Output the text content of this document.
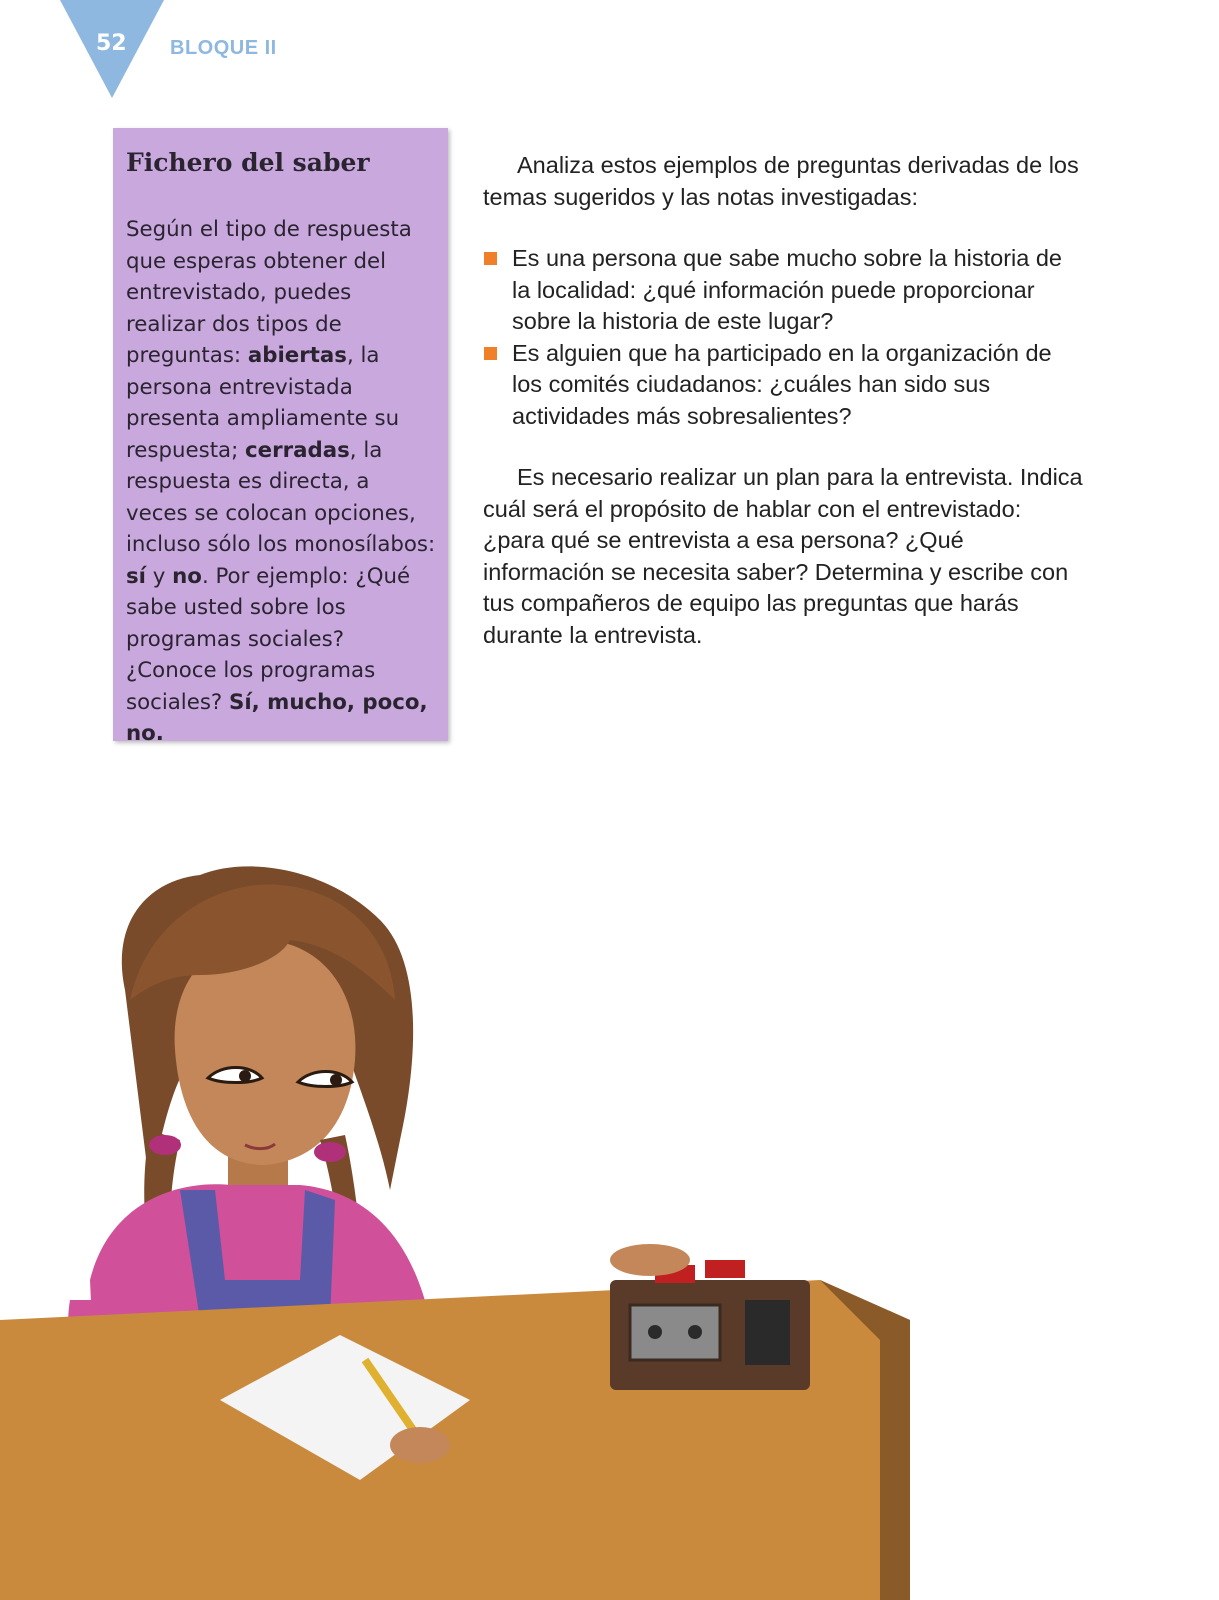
52	BLOQUE II
Fichero del saber

Según el tipo de respuesta que esperas obtener del entrevistado, puedes realizar dos tipos de preguntas: abiertas, la persona entrevistada presenta ampliamente su respuesta; cerradas, la respuesta es directa, a veces se colocan opciones, incluso sólo los monosílabos: sí y no. Por ejemplo: ¿Qué sabe usted sobre los programas sociales? ¿Conoce los programas sociales? Sí, mucho, poco, no.

Analiza estos ejemplos de preguntas derivadas de los temas sugeridos y las notas investigadas:

Es una persona que sabe mucho sobre la historia de la localidad: ¿qué información puede proporcionar sobre la historia de este lugar?
Es alguien que ha participado en la organización de los comités ciudadanos: ¿cuáles han sido sus actividades más sobresalientes?

Es necesario realizar un plan para la entrevista. Indica cuál será el propósito de hablar con el entrevistado: ¿para qué se entrevista a esa persona? ¿Qué información se necesita saber? Determina y escribe con tus compañeros de equipo las preguntas que harás durante la entrevista.
